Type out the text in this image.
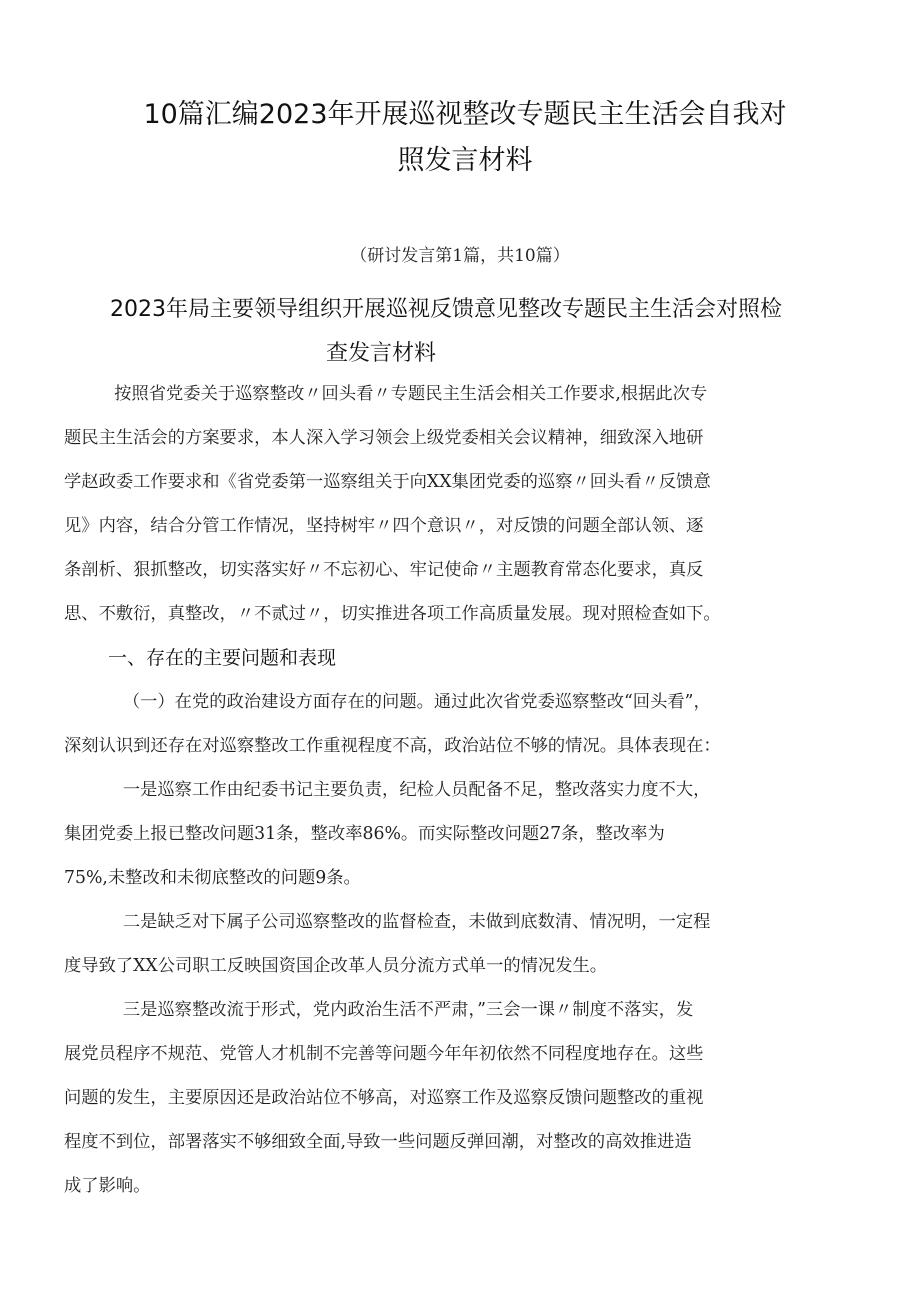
10篇汇编2023年开展巡视整改专题民主生活会自我对
照发言材料

（研讨发言第1篇，共10篇）

2023年局主要领导组织开展巡视反馈意见整改专题民主生活会对照检
查发言材料

按照省党委关于巡察整改〃回头看〃专题民主生活会相关工作要求,根据此次专
题民主生活会的方案要求，本人深入学习领会上级党委相关会议精神，细致深入地研
学赵政委工作要求和《省党委第一巡察组关于向XX集团党委的巡察〃回头看〃反馈意
见》内容，结合分管工作情况，坚持树牢〃四个意识〃，对反馈的问题全部认领、逐
条剖析、狠抓整改，切实落实好〃不忘初心、牢记使命〃主题教育常态化要求，真反
思、不敷衍，真整改，〃不贰过〃，切实推进各项工作高质量发展。现对照检查如下。

一、存在的主要问题和表现

（一）在党的政治建设方面存在的问题。通过此次省党委巡察整改“回头看”，
深刻认识到还存在对巡察整改工作重视程度不高，政治站位不够的情况。具体表现在：

一是巡察工作由纪委书记主要负责，纪检人员配备不足，整改落实力度不大，
集团党委上报已整改问题31条，整改率86%。而实际整改问题27条，整改率为
75%,未整改和未彻底整改的问题9条。

二是缺乏对下属子公司巡察整改的监督检查，未做到底数清、情况明，一定程
度导致了XX公司职工反映国资国企改革人员分流方式单一的情况发生。

三是巡察整改流于形式，党内政治生活不严肃，”三会一课〃制度不落实，发
展党员程序不规范、党管人才机制不完善等问题今年年初依然不同程度地存在。这些
问题的发生，主要原因还是政治站位不够高，对巡察工作及巡察反馈问题整改的重视
程度不到位，部署落实不够细致全面,导致一些问题反弹回潮，对整改的高效推进造
成了影响。
